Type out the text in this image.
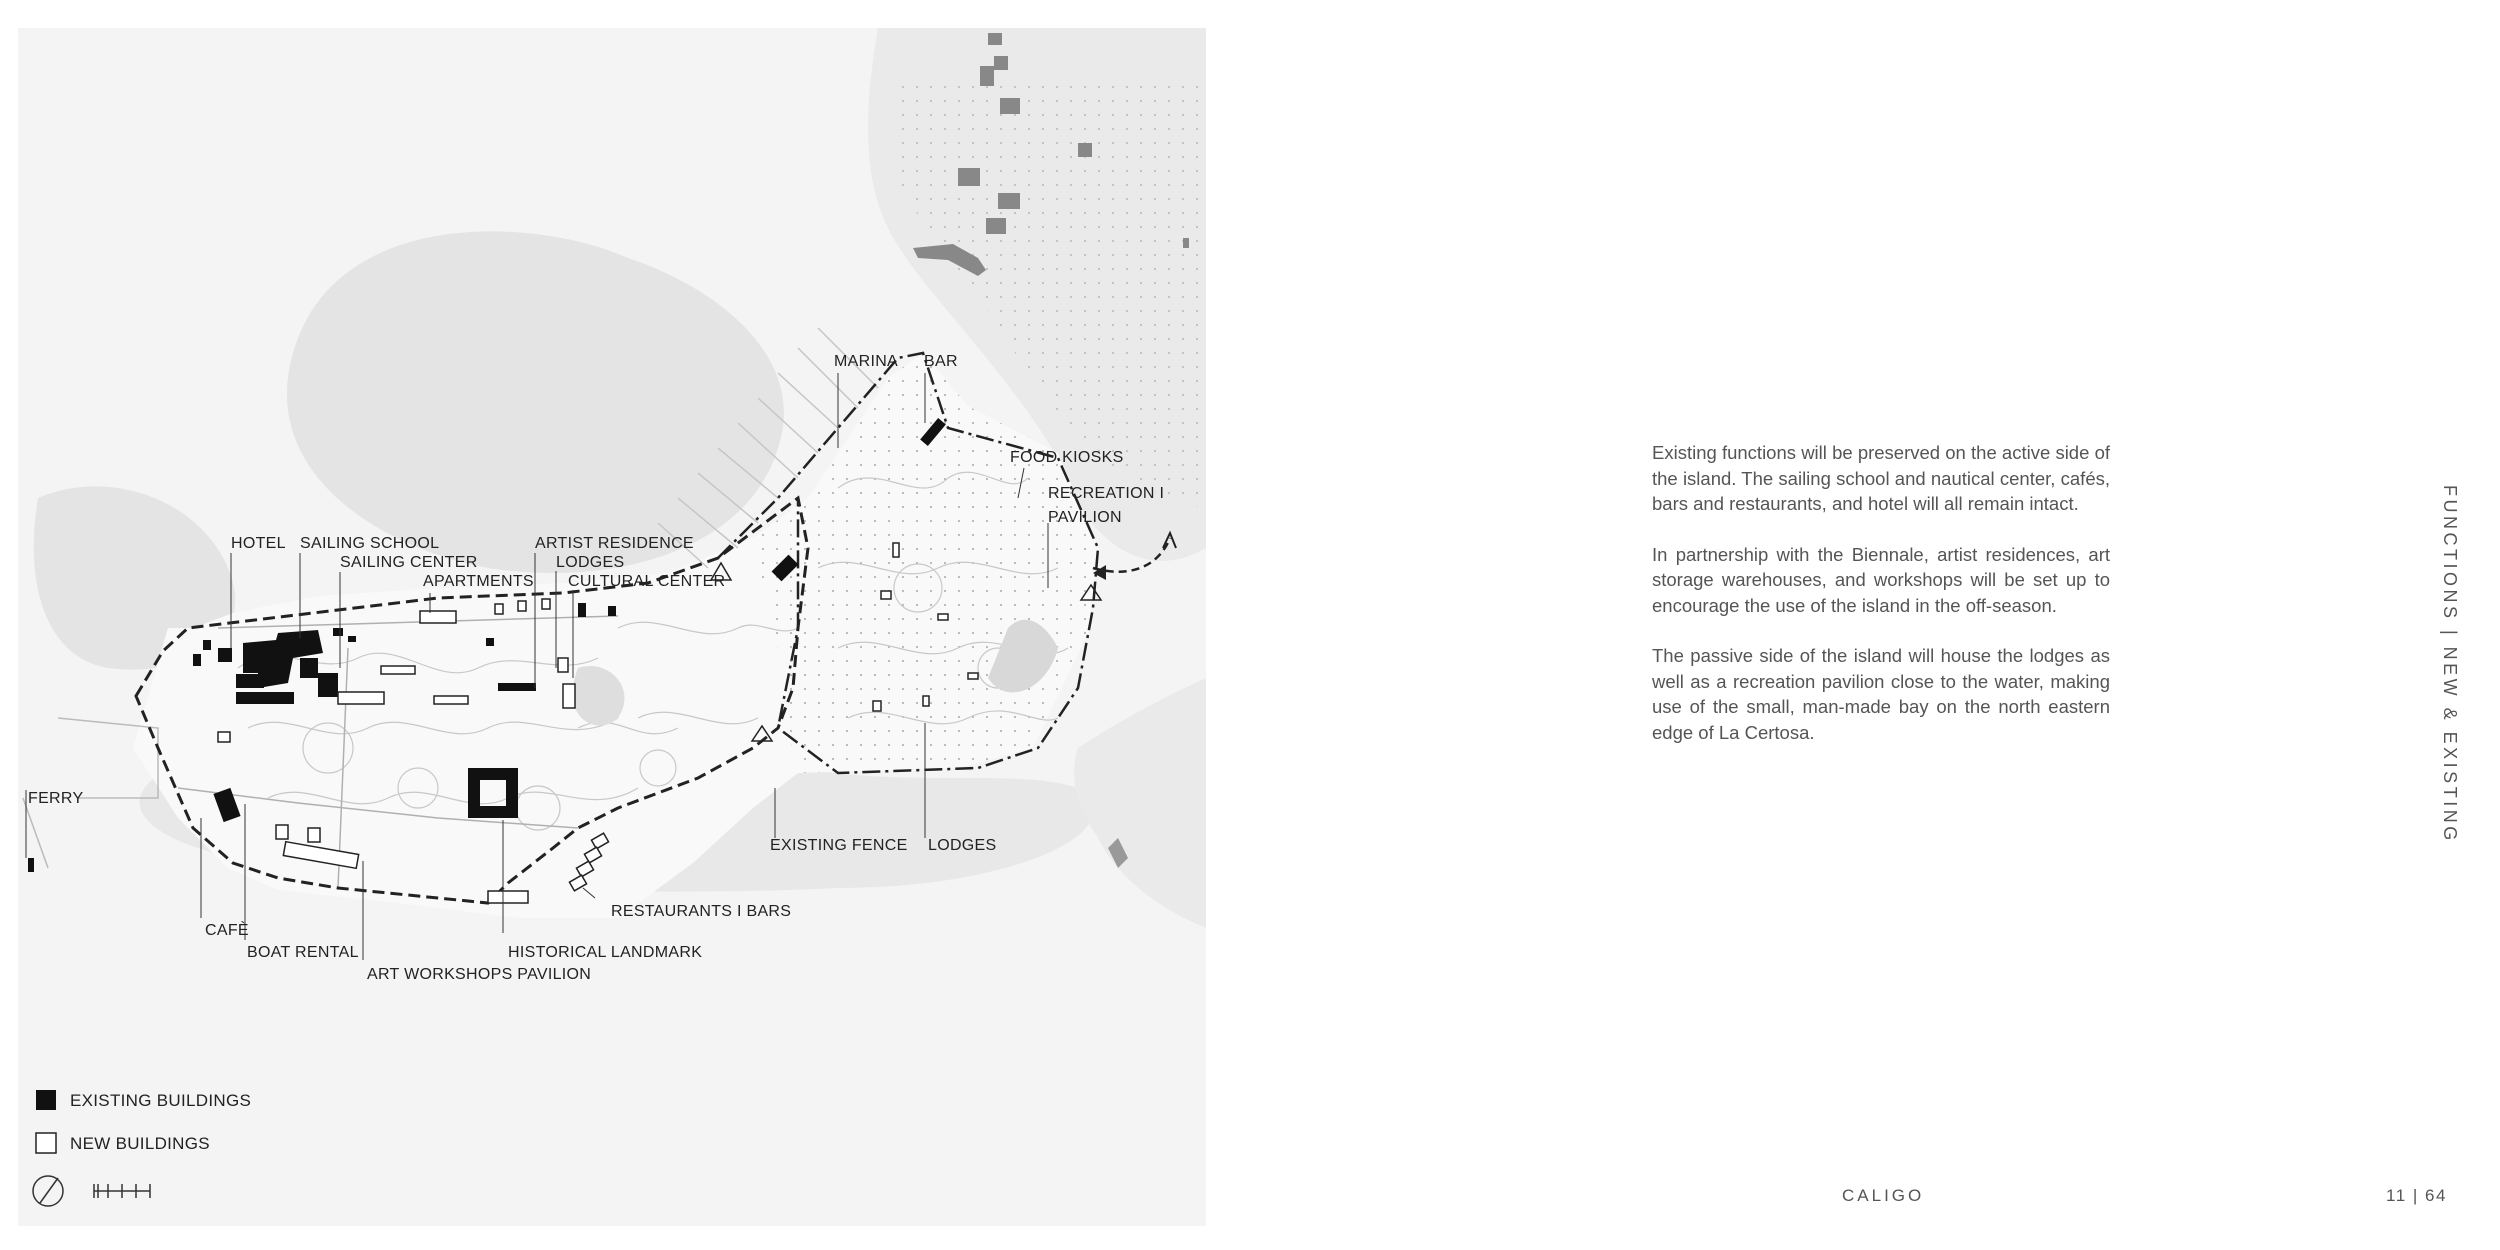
HOTEL SAILING SCHOOL
SAILING CENTER
APARTMENTS
ARTIST RESIDENCE
LODGES
CULTURAL CENTER
MARINA BAR
FOOD KIOSKS
RECREATION I
PAVILION
FERRY
EXISTING FENCE LODGES
RESTAURANTS I BARS
HISTORICAL LANDMARK
CAFÈ
BOAT RENTAL
ART WORKSHOPS PAVILION
EXISTING BUILDINGS
NEW BUILDINGS

Existing functions will be preserved on the active side of the island. The sailing school and nautical center, cafés, bars and restaurants, and hotel will all remain intact.

In partnership with the Biennale, artist residences, art storage warehouses, and workshops will be set up to encourage the use of the island in the off-season.

The passive side of the island will house the lodges as well as a recreation pavilion close to the water, making use of the small, man-made bay on the north eastern edge of La Certosa.	FUNCTIONS | NEW & EXISTING
CALIGO	11 | 64
